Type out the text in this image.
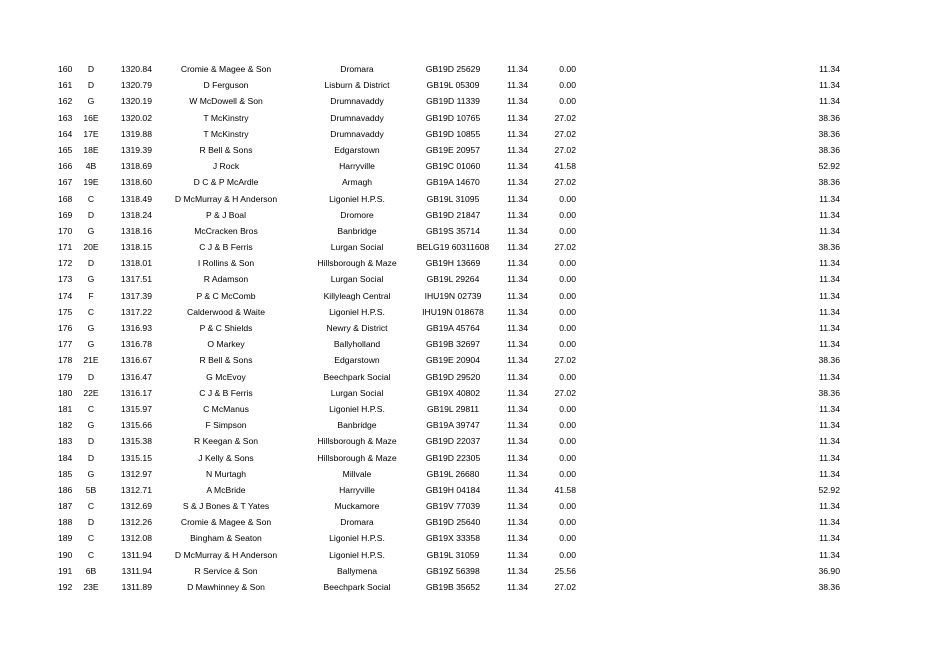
160	D	1320.84	Cromie & Magee & Son	Dromara	GB19D 25629	11.34	0.00	11.34
161	D	1320.79	D Ferguson	Lisburn & District	GB19L 05309	11.34	0.00	11.34
162	G	1320.19	W McDowell & Son	Drumnavaddy	GB19D 11339	11.34	0.00	11.34
163	16E	1320.02	T McKinstry	Drumnavaddy	GB19D 10765	11.34	27.02	38.36
164	17E	1319.88	T McKinstry	Drumnavaddy	GB19D 10855	11.34	27.02	38.36
165	18E	1319.39	R Bell & Sons	Edgarstown	GB19E 20957	11.34	27.02	38.36
166	4B	1318.69	J Rock	Harryville	GB19C 01060	11.34	41.58	52.92
167	19E	1318.60	D C & P McArdle	Armagh	GB19A 14670	11.34	27.02	38.36
168	C	1318.49	D McMurray & H Anderson	Ligoniel H.P.S.	GB19L 31095	11.34	0.00	11.34
169	D	1318.24	P & J Boal	Dromore	GB19D 21847	11.34	0.00	11.34
170	G	1318.16	McCracken Bros	Banbridge	GB19S 35714	11.34	0.00	11.34
171	20E	1318.15	C J & B Ferris	Lurgan Social	BELG19 60311608	11.34	27.02	38.36
172	D	1318.01	I Rollins & Son	Hillsborough & Maze	GB19H 13669	11.34	0.00	11.34
173	G	1317.51	R Adamson	Lurgan Social	GB19L 29264	11.34	0.00	11.34
174	F	1317.39	P & C McComb	Killyleagh Central	IHU19N 02739	11.34	0.00	11.34
175	C	1317.22	Calderwood & Waite	Ligoniel H.P.S.	IHU19N 018678	11.34	0.00	11.34
176	G	1316.93	P & C Shields	Newry & District	GB19A 45764	11.34	0.00	11.34
177	G	1316.78	O Markey	Ballyholland	GB19B 32697	11.34	0.00	11.34
178	21E	1316.67	R Bell & Sons	Edgarstown	GB19E 20904	11.34	27.02	38.36
179	D	1316.47	G McEvoy	Beechpark Social	GB19D 29520	11.34	0.00	11.34
180	22E	1316.17	C J & B Ferris	Lurgan Social	GB19X 40802	11.34	27.02	38.36
181	C	1315.97	C McManus	Ligoniel H.P.S.	GB19L 29811	11.34	0.00	11.34
182	G	1315.66	F Simpson	Banbridge	GB19A 39747	11.34	0.00	11.34
183	D	1315.38	R Keegan & Son	Hillsborough & Maze	GB19D 22037	11.34	0.00	11.34
184	D	1315.15	J Kelly & Sons	Hillsborough & Maze	GB19D 22305	11.34	0.00	11.34
185	G	1312.97	N Murtagh	Millvale	GB19L 26680	11.34	0.00	11.34
186	5B	1312.71	A McBride	Harryville	GB19H 04184	11.34	41.58	52.92
187	C	1312.69	S & J Bones & T Yates	Muckamore	GB19V 77039	11.34	0.00	11.34
188	D	1312.26	Cromie & Magee & Son	Dromara	GB19D 25640	11.34	0.00	11.34
189	C	1312.08	Bingham & Seaton	Ligoniel H.P.S.	GB19X 33358	11.34	0.00	11.34
190	C	1311.94	D McMurray & H Anderson	Ligoniel H.P.S.	GB19L 31059	11.34	0.00	11.34
191	6B	1311.94	R Service & Son	Ballymena	GB19Z 56398	11.34	25.56	36.90
192	23E	1311.89	D Mawhinney & Son	Beechpark Social	GB19B 35652	11.34	27.02	38.36
